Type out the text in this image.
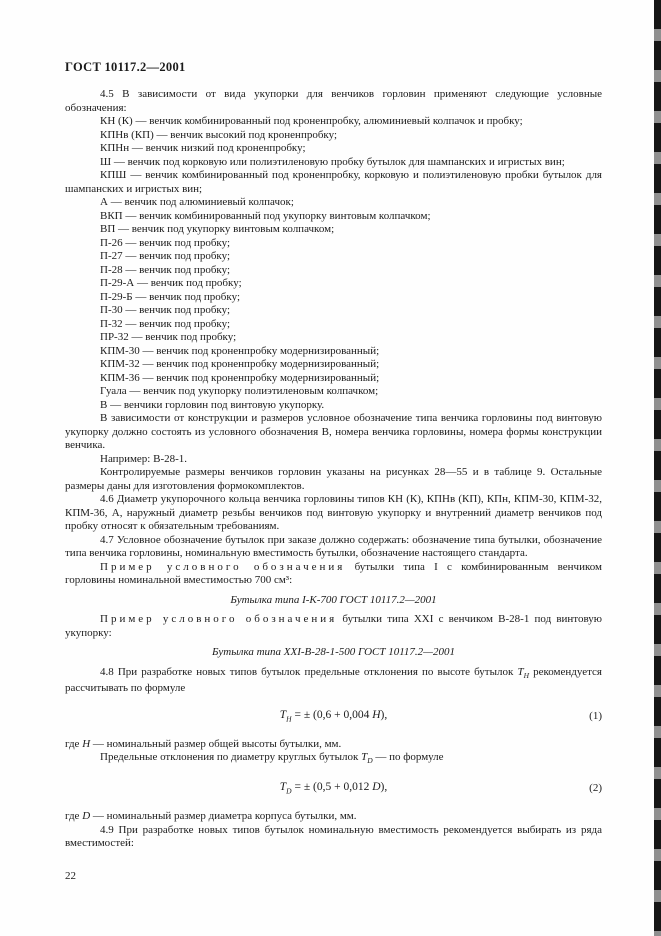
ГОСТ 10117.2—2001

4.5 В зависимости от вида укупорки для венчиков горловин применяют следующие условные обозначения:

КН (К) — венчик комбинированный под кроненпробку, алюминиевый колпачок и пробку;

КПНв (КП) — венчик высокий под кроненпробку;

КПНн — венчик низкий под кроненпробку;

Ш — венчик под корковую или полиэтиленовую пробку бутылок для шампанских и игристых вин;

КПШ — венчик комбинированный под кроненпробку, корковую и полиэтиленовую пробки бутылок для шампанских и игристых вин;

А — венчик под алюминиевый колпачок;

ВКП — венчик комбинированный под укупорку винтовым колпачком;

ВП — венчик под укупорку винтовым колпачком;

П-26 — венчик под пробку;

П-27 — венчик под пробку;

П-28 — венчик под пробку;

П-29-А — венчик под пробку;

П-29-Б — венчик под пробку;

П-30 — венчик под пробку;

П-32 — венчик под пробку;

ПР-32 — венчик под пробку;

КПМ-30 — венчик под кроненпробку модернизированный;

КПМ-32 — венчик под кроненпробку модернизированный;

КПМ-36 — венчик под кроненпробку модернизированный;

Гуала — венчик под укупорку полиэтиленовым колпачком;

В — венчики горловин под винтовую укупорку.

В зависимости от конструкции и размеров условное обозначение типа венчика горловины под винтовую укупорку должно состоять из условного обозначения В, номера венчика горловины, номера формы конструкции венчика.

Например: В-28-1.

Контролируемые размеры венчиков горловин указаны на рисунках 28—55 и в таблице 9. Остальные размеры даны для изготовления формокомплектов.

4.6 Диаметр укупорочного кольца венчика горловины типов КН (К), КПНв (КП), КПн, КПМ-30, КПМ-32, КПМ-36, А, наружный диаметр резьбы венчиков под винтовую укупорку и внутренний диаметр венчиков под пробку относят к обязательным требованиям.

4.7 Условное обозначение бутылок при заказе должно содержать: обозначение типа бутылки, обозначение типа венчика горловины, номинальную вместимость бутылки, обозначение настоящего стандарта.

Пример условного обозначения бутылки типа I с комбинированным венчиком горловины номинальной вместимостью 700 см³:

Бутылка типа I-К-700 ГОСТ 10117.2—2001

Пример условного обозначения бутылки типа XXI с венчиком В-28-1 под винтовую укупорку:

Бутылка типа XXI-В-28-1-500 ГОСТ 10117.2—2001

4.8 При разработке новых типов бутылок предельные отклонения по высоте бутылок $Т_Н$ рекомендуется рассчитывать по формуле

$Т_Н$ = ± (0,6 + 0,004 Н),	(1)

где Н — номинальный размер общей высоты бутылки, мм.

Предельные отклонения по диаметру круглых бутылок $Т_D$ — по формуле

$Т_D$ = ± (0,5 + 0,012 D),	(2)

где D — номинальный размер диаметра корпуса бутылки, мм.

4.9 При разработке новых типов бутылок номинальную вместимость рекомендуется выбирать из ряда вместимостей:

22
